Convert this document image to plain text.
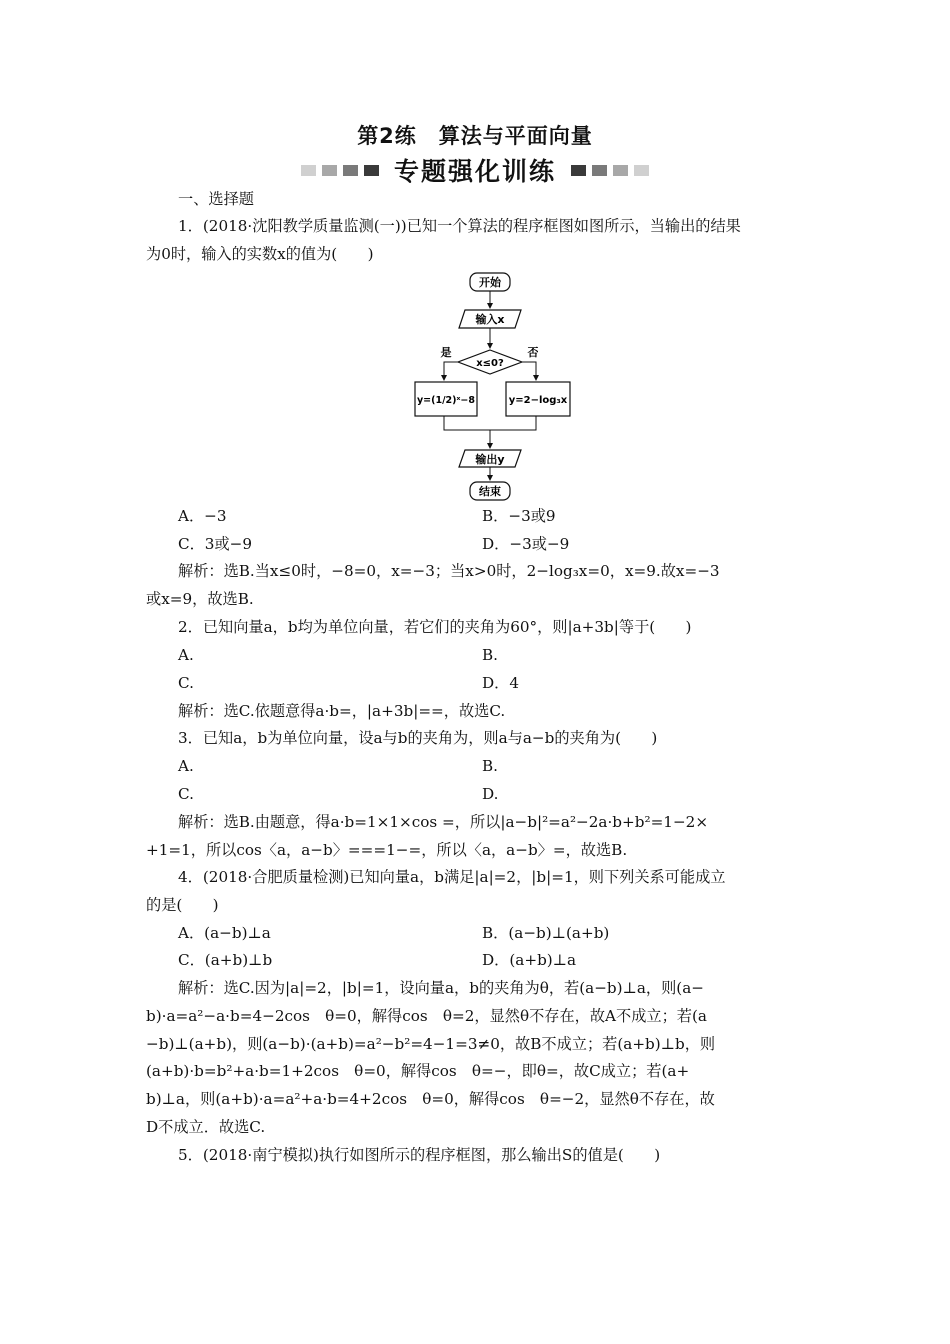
第2练　算法与平面向量
专题强化训练
一、选择题
1．(2018·沈阳教学质量监测(一))已知一个算法的程序框图如图所示，当输出的结果
为0时，输入的实数x的值为(　　)
开始
输入x
x≤0?
是	否
y=(1/2)ˣ−8	y=2−log₃x
输出y
结束
A．−3	B．−3或9
C．3或−9	D．−3或−9
解析：选B.当x≤0时，−8=0，x=−3；当x>0时，2−log₃x=0，x=9.故x=−3
或x=9，故选B.
2．已知向量a，b均为单位向量，若它们的夹角为60°，则|a+3b|等于(　　)
A.	B.
C.	D．4
解析：选C.依题意得a·b=，|a+3b|==，故选C.
3．已知a，b为单位向量，设a与b的夹角为，则a与a−b的夹角为(　　)
A.	B.
C.	D.
解析：选B.由题意，得a·b=1×1×cos =，所以|a−b|²=a²−2a·b+b²=1−2×
+1=1，所以cos〈a，a−b〉===1−=，所以〈a，a−b〉=，故选B.
4．(2018·合肥质量检测)已知向量a，b满足|a|=2，|b|=1，则下列关系可能成立
的是(　　)
A．(a−b)⊥a	B．(a−b)⊥(a+b)
C．(a+b)⊥b	D．(a+b)⊥a
解析：选C.因为|a|=2，|b|=1，设向量a，b的夹角为θ，若(a−b)⊥a，则(a−
b)·a=a²−a·b=4−2cos　θ=0，解得cos　θ=2，显然θ不存在，故A不成立；若(a
−b)⊥(a+b)，则(a−b)·(a+b)=a²−b²=4−1=3≠0，故B不成立；若(a+b)⊥b，则
(a+b)·b=b²+a·b=1+2cos　θ=0，解得cos　θ=−，即θ=，故C成立；若(a+
b)⊥a，则(a+b)·a=a²+a·b=4+2cos　θ=0，解得cos　θ=−2，显然θ不存在，故
D不成立．故选C.
5．(2018·南宁模拟)执行如图所示的程序框图，那么输出S的值是(　　)
